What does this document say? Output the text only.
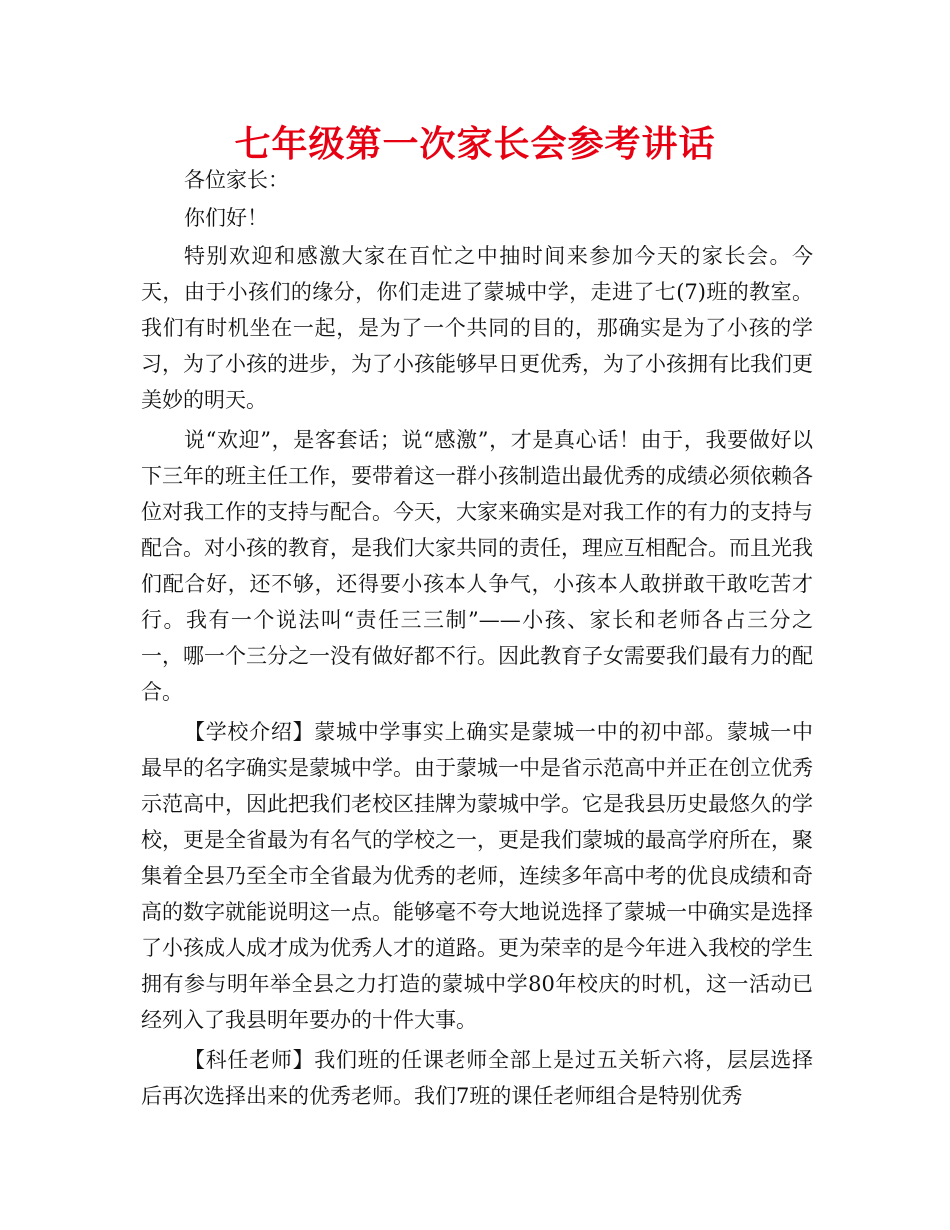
七年级第一次家长会参考讲话

各位家长：

你们好！

特别欢迎和感激大家在百忙之中抽时间来参加今天的家长会。今天，由于小孩们的缘分，你们走进了蒙城中学，走进了七(7)班的教室。我们有时机坐在一起，是为了一个共同的目的，那确实是为了小孩的学习，为了小孩的进步，为了小孩能够早日更优秀，为了小孩拥有比我们更美妙的明天。

说“欢迎”，是客套话；说“感激”，才是真心话！由于，我要做好以下三年的班主任工作，要带着这一群小孩制造出最优秀的成绩必须依赖各位对我工作的支持与配合。今天，大家来确实是对我工作的有力的支持与配合。对小孩的教育，是我们大家共同的责任，理应互相配合。而且光我们配合好，还不够，还得要小孩本人争气，小孩本人敢拼敢干敢吃苦才行。我有一个说法叫“责任三三制”——小孩、家长和老师各占三分之一，哪一个三分之一没有做好都不行。因此教育子女需要我们最有力的配合。

【学校介绍】蒙城中学事实上确实是蒙城一中的初中部。蒙城一中最早的名字确实是蒙城中学。由于蒙城一中是省示范高中并正在创立优秀示范高中，因此把我们老校区挂牌为蒙城中学。它是我县历史最悠久的学校，更是全省最为有名气的学校之一，更是我们蒙城的最高学府所在，聚集着全县乃至全市全省最为优秀的老师，连续多年高中考的优良成绩和奇高的数字就能说明这一点。能够毫不夸大地说选择了蒙城一中确实是选择了小孩成人成才成为优秀人才的道路。更为荣幸的是今年进入我校的学生拥有参与明年举全县之力打造的蒙城中学80年校庆的时机，这一活动已经列入了我县明年要办的十件大事。

【科任老师】我们班的任课老师全部上是过五关斩六将，层层选择后再次选择出来的优秀老师。我们7班的课任老师组合是特别优秀
